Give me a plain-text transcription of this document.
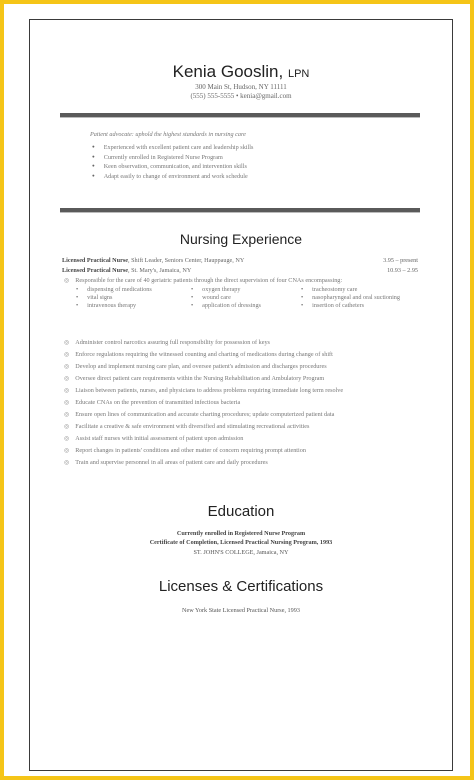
Kenia Gooslin, LPN
300 Main St, Hudson, NY 11111
(555) 555-5555 • kenia@gmail.com
Patient advocate: uphold the highest standards in nursing care
● Experienced with excellent patient care and leadership skills
● Currently enrolled in Registered Nurse Program
● Keen observation, communication, and intervention skills
● Adapt easily to change of environment and work schedule
Nursing Experience
Licensed Practical Nurse, Shift Leader, Seniors Center, Hauppauge, NY	3.95 – present
Licensed Practical Nurse, St. Mary's, Jamaica, NY	10.93 – 2.95
◎ Responsible for the care of 40 geriatric patients through the direct supervision of four CNAs encompassing:
• dispensing of medications
• vital signs
• intravenous therapy
• oxygen therapy
• wound care
• application of dressings
• tracheostomy care
• nasopharyngeal and oral suctioning
• insertion of catheters
◎ Administer control narcotics assuring full responsibility for possession of keys
◎ Enforce regulations requiring the witnessed counting and charting of medications during change of shift
◎ Develop and implement nursing care plan, and oversee patient's admission and discharges procedures
◎ Oversee direct patient care requirements within the Nursing Rehabilitation and Ambulatory Program
◎ Liaison between patients, nurses, and physicians to address problems requiring immediate long term resolve
◎ Educate CNAs on the prevention of transmitted infectious bacteria
◎ Ensure open lines of communication and accurate charting procedures; update computerized patient data
◎ Facilitate a creative & safe environment with diversified and stimulating recreational activities
◎ Assist staff nurses with initial assessment of patient upon admission
◎ Report changes in patients' conditions and other matter of concern requiring prompt attention
◎ Train and supervise personnel in all areas of patient care and daily procedures
Education
Currently enrolled in Registered Nurse Program
Certificate of Completion, Licensed Practical Nursing Program, 1993
ST. JOHN'S COLLEGE, Jamaica, NY
Licenses & Certifications
New York State Licensed Practical Nurse, 1993
